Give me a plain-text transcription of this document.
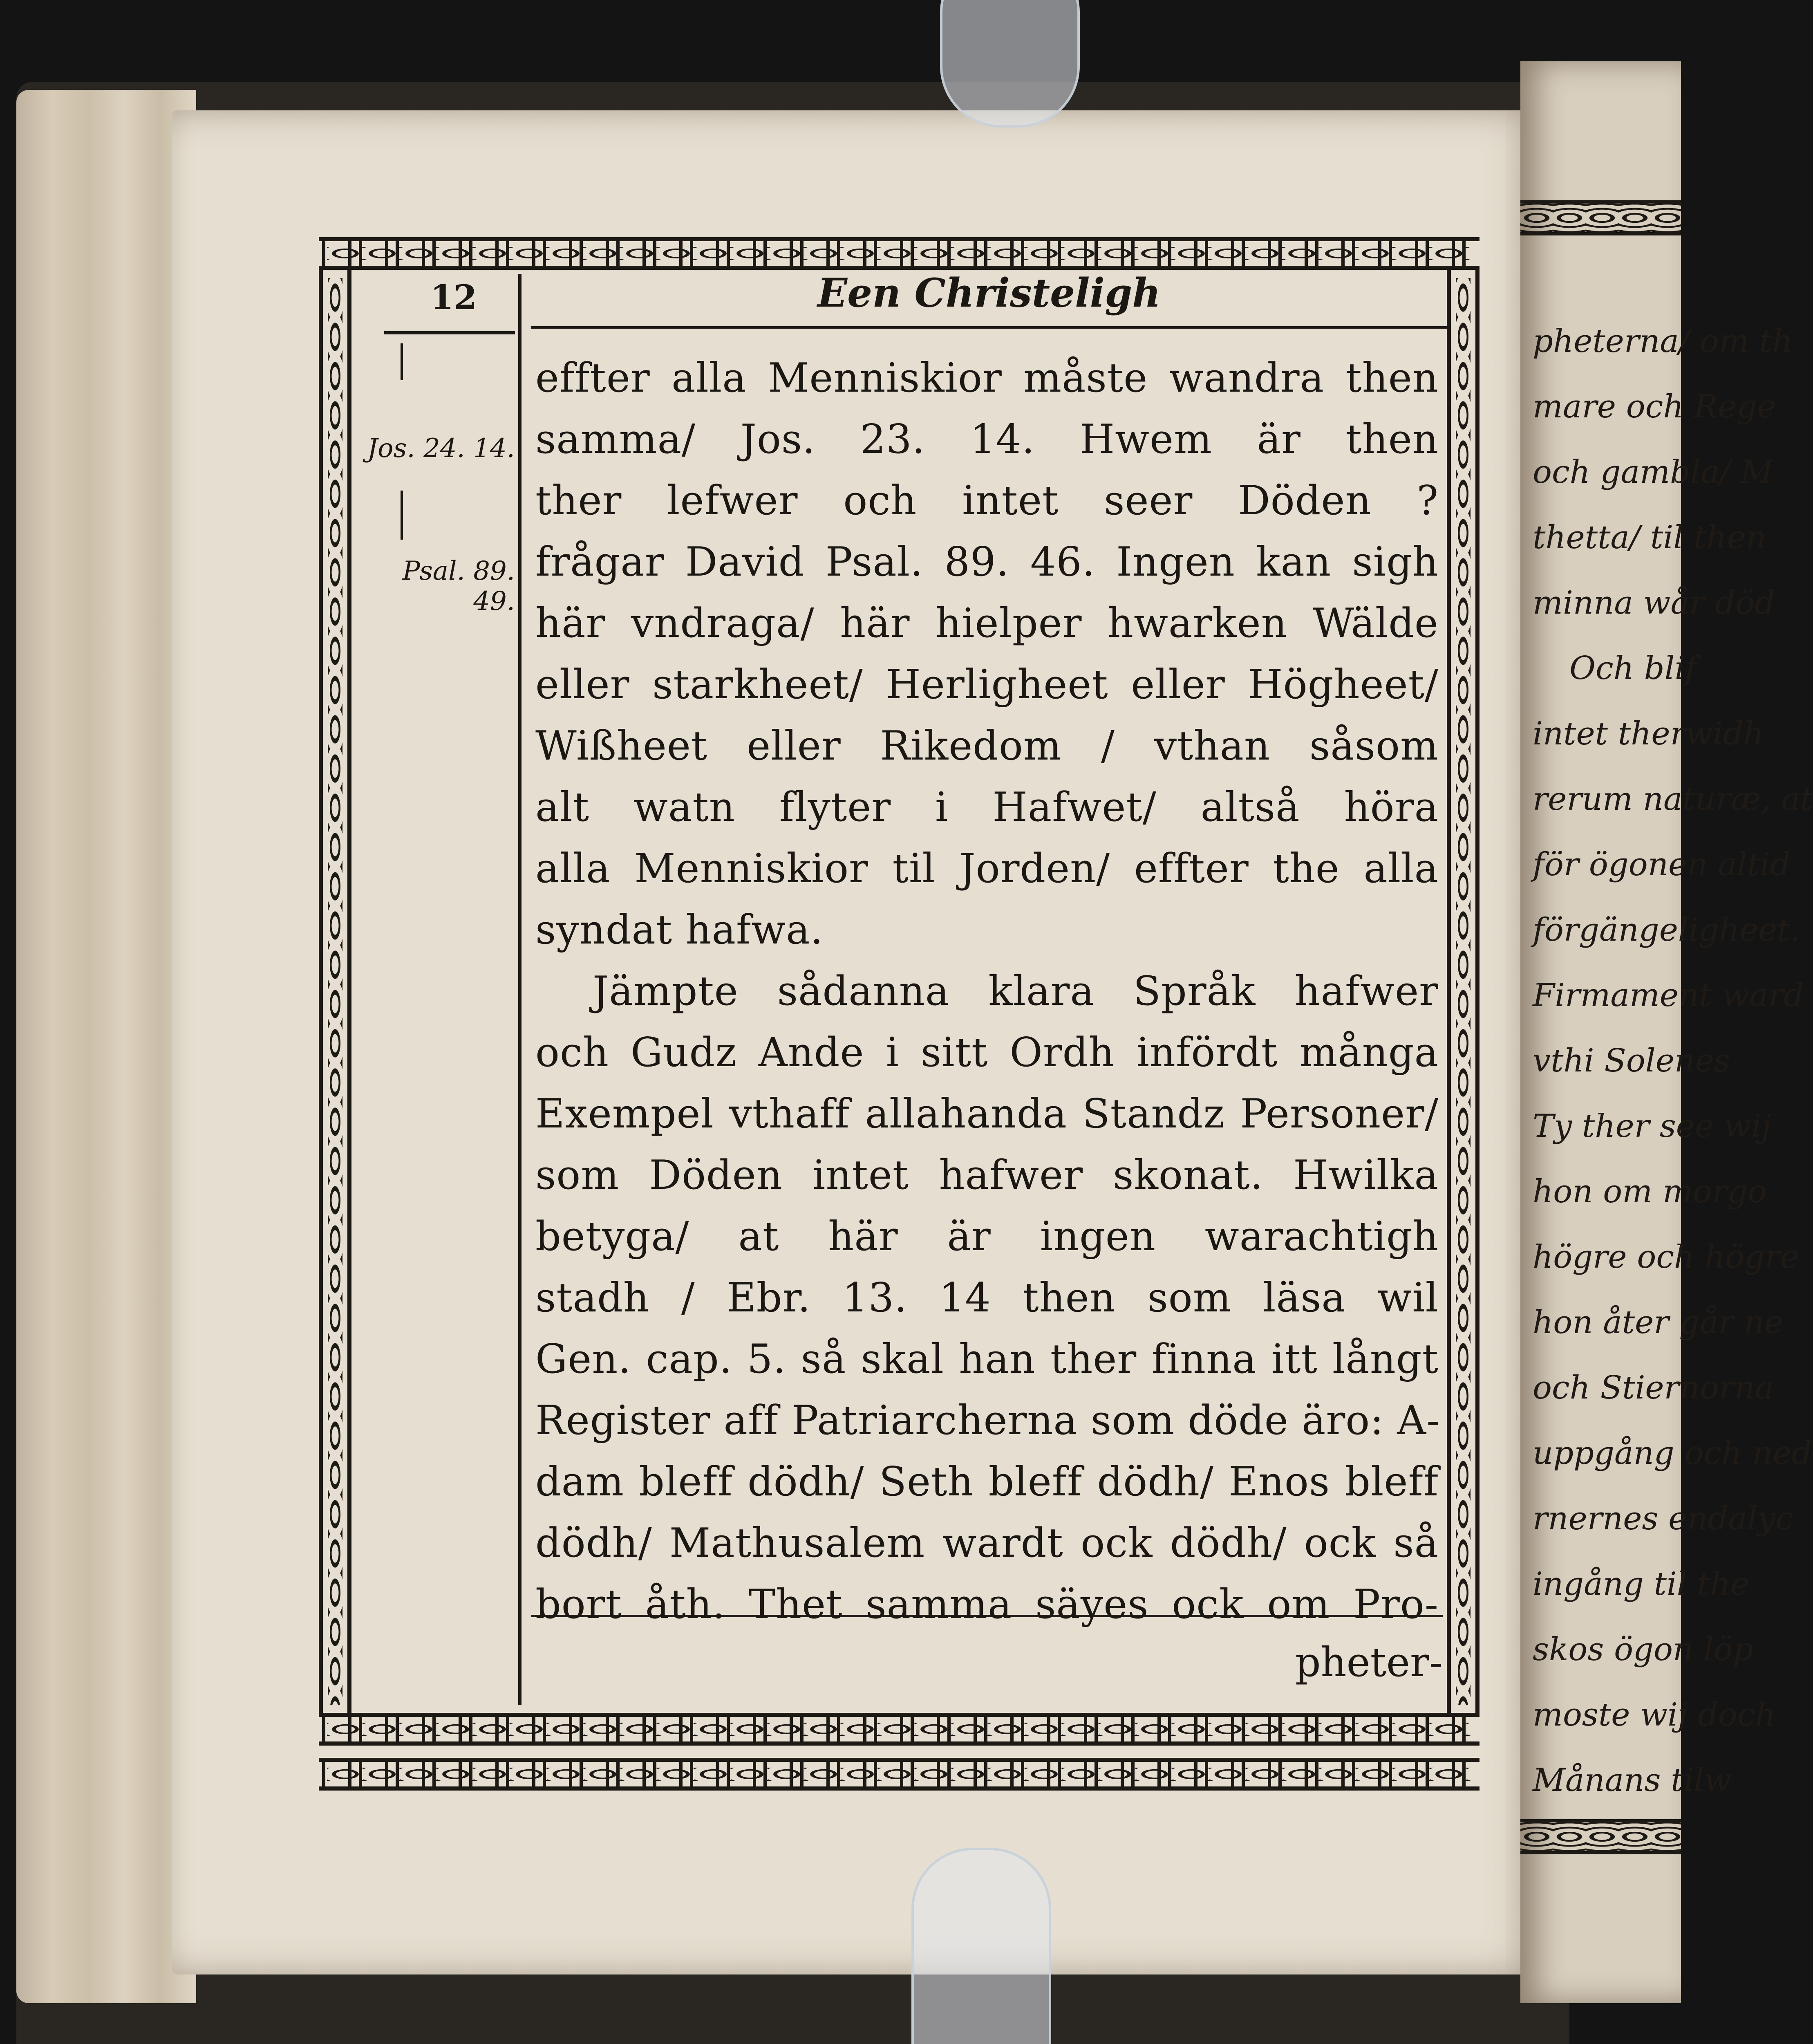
12	Een Christeligh
Jos. 24. 14.
Psal. 89. 49.
effter alla Menniskior måste wandra then
samma/ Jos. 23. 14. Hwem är then
ther lefwer och intet seer Döden ?
frågar David Psal. 89. 46. Ingen kan sigh
här vndraga/ här hielper hwarken Wälde
eller starkheet/ Herligheet eller Högheet/
Wißheet eller Rikedom / vthan såsom
alt watn flyter i Hafwet/ altså höra
alla Menniskior til Jorden/ effter the alla
syndat hafwa.
Jämpte sådanna klara Språk hafwer
och Gudz Ande i sitt Ordh infördt många
Exempel vthaff allahanda Standz Personer/
som Döden intet hafwer skonat. Hwilka
betyga/ at här är ingen warachtigh
stadh / Ebr. 13. 14 then som läsa wil
Gen. cap. 5. så skal han ther finna itt långt
Register aff Patriarcherna som döde äro: A-
dam bleff dödh/ Seth bleff dödh/ Enos bleff
dödh/ Mathusalem wardt ock dödh/ ock så
bort åth. Thet samma säyes ock om Pro-
pheter-
pheterna/ om th
mare och Rege
och gambla/ M
thetta/ til then
minna wår död
Och blif
intet therwidh
rerum naturæ, at
för ögonen altid
förgängeligheet.
Firmament ward
vthi Solenes
Ty ther see wij
hon om morgo
högre och högre
hon åter går ne
och Stiernorna
uppgång och ned
rnernes endalyc
ingång til the
skos ögon löp
moste wij doch
Månans tilw
